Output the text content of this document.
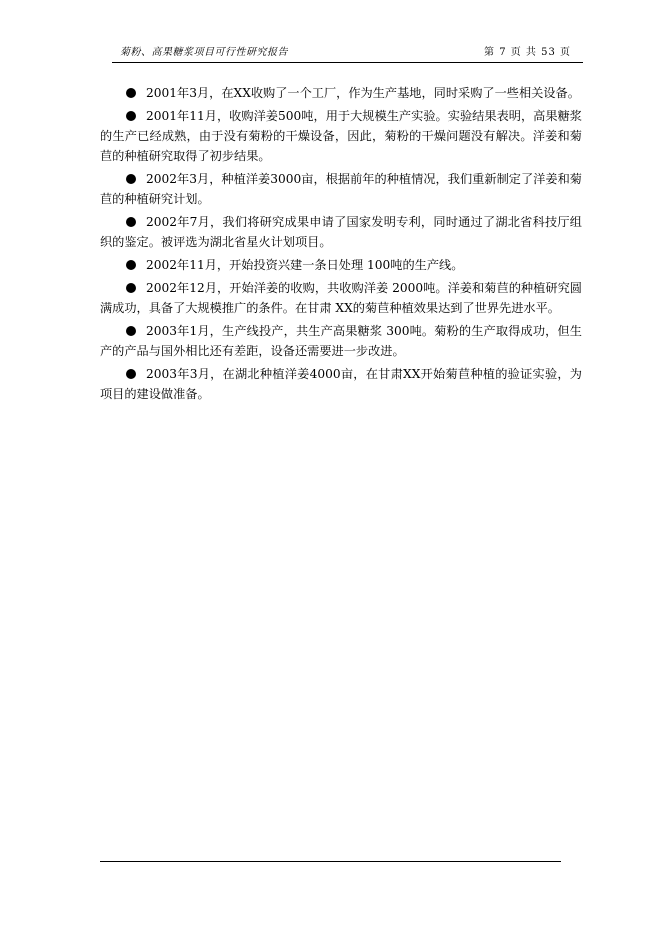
菊粉、高果糖浆项目可行性研究报告	第 7 页 共 53 页

2001年3月，在XX收购了一个工厂，作为生产基地，同时采购了一些相关设备。

2001年11月，收购洋姜500吨，用于大规模生产实验。实验结果表明，高果糖浆的生产已经成熟，由于没有菊粉的干燥设备，因此，菊粉的干燥问题没有解决。洋姜和菊苣的种植研究取得了初步结果。

2002年3月，种植洋姜3000亩，根据前年的种植情况，我们重新制定了洋姜和菊苣的种植研究计划。

2002年7月，我们将研究成果申请了国家发明专利，同时通过了湖北省科技厅组织的鉴定。被评选为湖北省星火计划项目。

2002年11月，开始投资兴建一条日处理 100吨的生产线。

2002年12月，开始洋姜的收购，共收购洋姜 2000吨。洋姜和菊苣的种植研究圆满成功，具备了大规模推广的条件。在甘肃 XX的菊苣种植效果达到了世界先进水平。

2003年1月，生产线投产，共生产高果糖浆 300吨。菊粉的生产取得成功，但生产的产品与国外相比还有差距，设备还需要进一步改进。

2003年3月，在湖北种植洋姜4000亩，在甘肃XX开始菊苣种植的验证实验，为项目的建设做准备。
